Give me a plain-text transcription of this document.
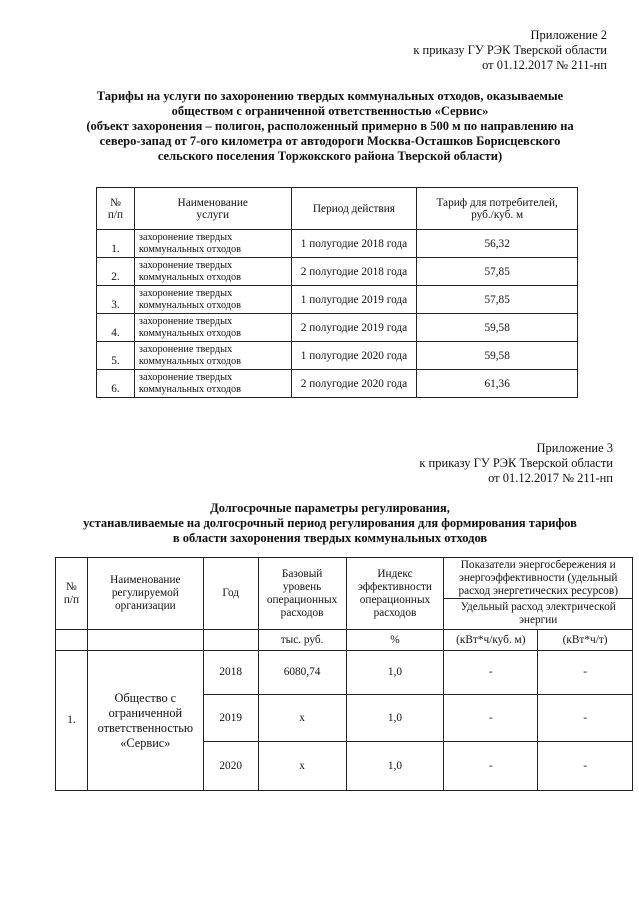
Приложение 2
к приказу ГУ РЭК Тверской области
от 01.12.2017 № 211-нп
Тарифы на услуги по захоронению твердых коммунальных отходов, оказываемые
обществом с ограниченной ответственностью «Сервис»
(объект захоронения – полигон, расположенный примерно в 500 м по направлению на
северо-запад от 7-ого километра от автодороги Москва-Осташков Борисцевского
сельского поселения Торжокского района Тверской области)
№
п/п	Наименование
услуги	Период действия	Тариф для потребителей,
руб./куб. м
1.	захоронение твердых
коммунальных отходов	1 полугодие 2018 года	56,32
2.	захоронение твердых
коммунальных отходов	2 полугодие 2018 года	57,85
3.	захоронение твердых
коммунальных отходов	1 полугодие 2019 года	57,85
4.	захоронение твердых
коммунальных отходов	2 полугодие 2019 года	59,58
5.	захоронение твердых
коммунальных отходов	1 полугодие 2020 года	59,58
6.	захоронение твердых
коммунальных отходов	2 полугодие 2020 года	61,36
Приложение 3
к приказу ГУ РЭК Тверской области
от 01.12.2017 № 211-нп
Долгосрочные параметры регулирования,
устанавливаемые на долгосрочный период регулирования для формирования тарифов
в области захоронения твердых коммунальных отходов
№
п/п	Наименование
регулируемой
организации	Год	Базовый
уровень
операционных
расходов	Индекс
эффективности
операционных
расходов	Показатели энергосбережения и
энергоэффективности (удельный
расход энергетических ресурсов)	
					Удельный расход электрической
энергии	
			тыс. руб.	%	(кВт*ч/куб. м)	(кВт*ч/т)
1.	Общество с
ограниченной
ответственностью
«Сервис»	2018	6080,74	1,0	-	-
		2019	x	1,0	-	-
		2020	x	1,0	-	-
